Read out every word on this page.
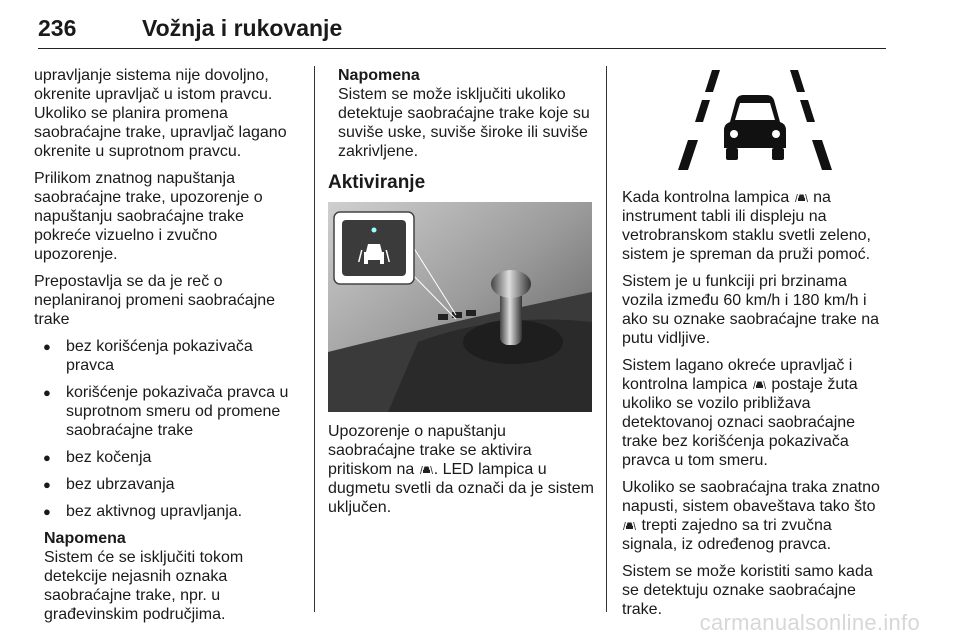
236	Vožnja i rukovanje

upravljanje sistema nije dovoljno, okrenite upravljač u istom pravcu. Ukoliko se planira promena saobraćajne trake, upravljač lagano okrenite u suprotnom pravcu.

Prilikom znatnog napuštanja saobraćajne trake, upozorenje o napuštanju saobraćajne trake pokreće vizuelno i zvučno upozorenje.

Prepostavlja se da je reč o neplaniranoj promeni saobraćajne trake

● bez korišćenja pokazivača pravca
● korišćenje pokazivača pravca u suprotnom smeru od promene saobraćajne trake
● bez kočenja
● bez ubrzavanja
● bez aktivnog upravljanja.
Napomena
Sistem će se isključiti tokom detekcije nejasnih oznaka saobraćajne trake, npr. u građevinskim područjima.
Napomena
Sistem se može isključiti ukoliko detektuje saobraćajne trake koje su suviše uske, suviše široke ili suviše zakrivljene.
Aktiviranje

Upozorenje o napuštanju saobraćajne trake se aktivira pritiskom na . LED lampica u dugmetu svetli da označi da je sistem uključen.

Kada kontrolna lampica na instrument tabli ili displeju na vetrobranskom staklu svetli zeleno, sistem je spreman da pruži pomoć.

Sistem je u funkciji pri brzinama vozila između 60 km/h i 180 km/h i ako su oznake saobraćajne trake na putu vidljive.

Sistem lagano okreće upravljač i kontrolna lampica postaje žuta ukoliko se vozilo približava detektovanoj oznaci saobraćajne trake bez korišćenja pokazivača pravca u tom smeru.

Ukoliko se saobraćajna traka znatno napusti, sistem obaveštava tako što  trepti zajedno sa tri zvučna signala, iz određenog pravca.

Sistem se može koristiti samo kada se detektuju oznake saobraćajne trake.

carmanualsonline.info
